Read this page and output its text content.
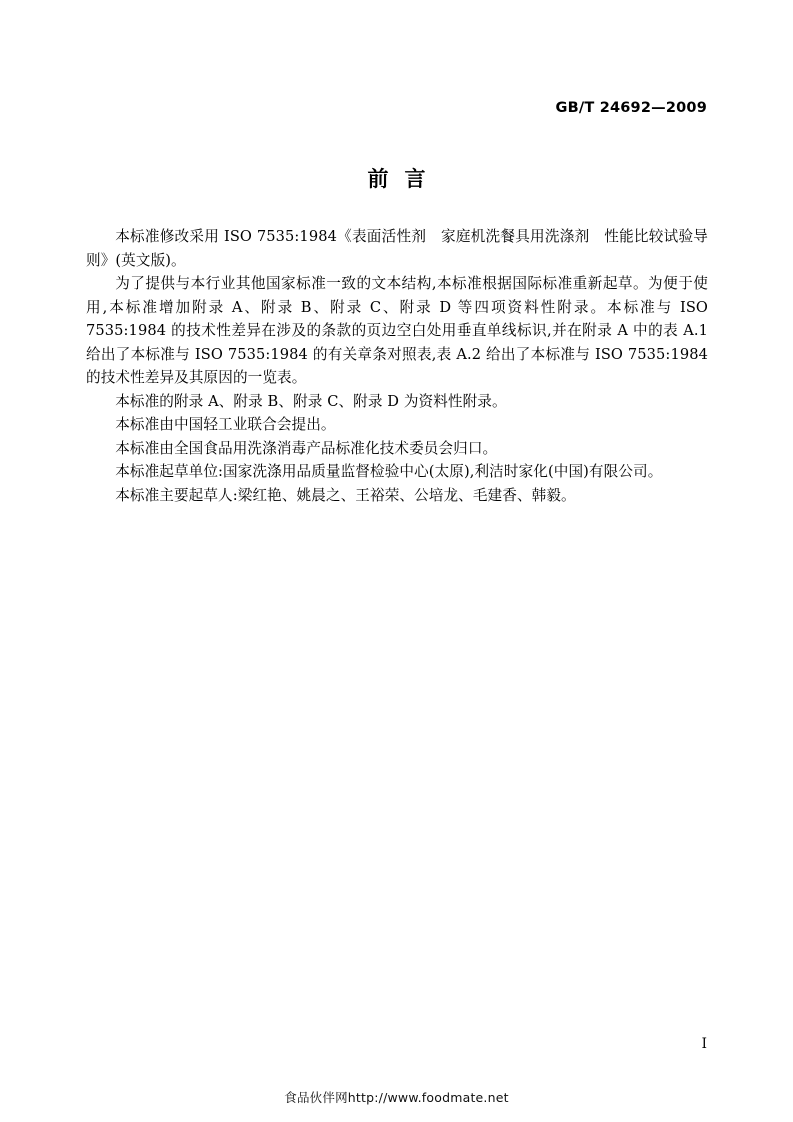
GB/T 24692—2009
前言

本标准修改采用 ISO 7535:1984《表面活性剂　家庭机洗餐具用洗涤剂　性能比较试验导则》(英文版)。

为了提供与本行业其他国家标准一致的文本结构,本标准根据国际标准重新起草。为便于使用,本标准增加附录 A、附录 B、附录 C、附录 D 等四项资料性附录。本标准与 ISO 7535:1984 的技术性差异在涉及的条款的页边空白处用垂直单线标识,并在附录 A 中的表 A.1 给出了本标准与 ISO 7535:1984 的有关章条对照表,表 A.2 给出了本标准与 ISO 7535:1984 的技术性差异及其原因的一览表。

本标准的附录 A、附录 B、附录 C、附录 D 为资料性附录。

本标准由中国轻工业联合会提出。

本标准由全国食品用洗涤消毒产品标准化技术委员会归口。

本标准起草单位:国家洗涤用品质量监督检验中心(太原),利洁时家化(中国)有限公司。

本标准主要起草人:梁红艳、姚晨之、王裕荣、公培龙、毛建香、韩毅。

I
食品伙伴网http://www.foodmate.net
